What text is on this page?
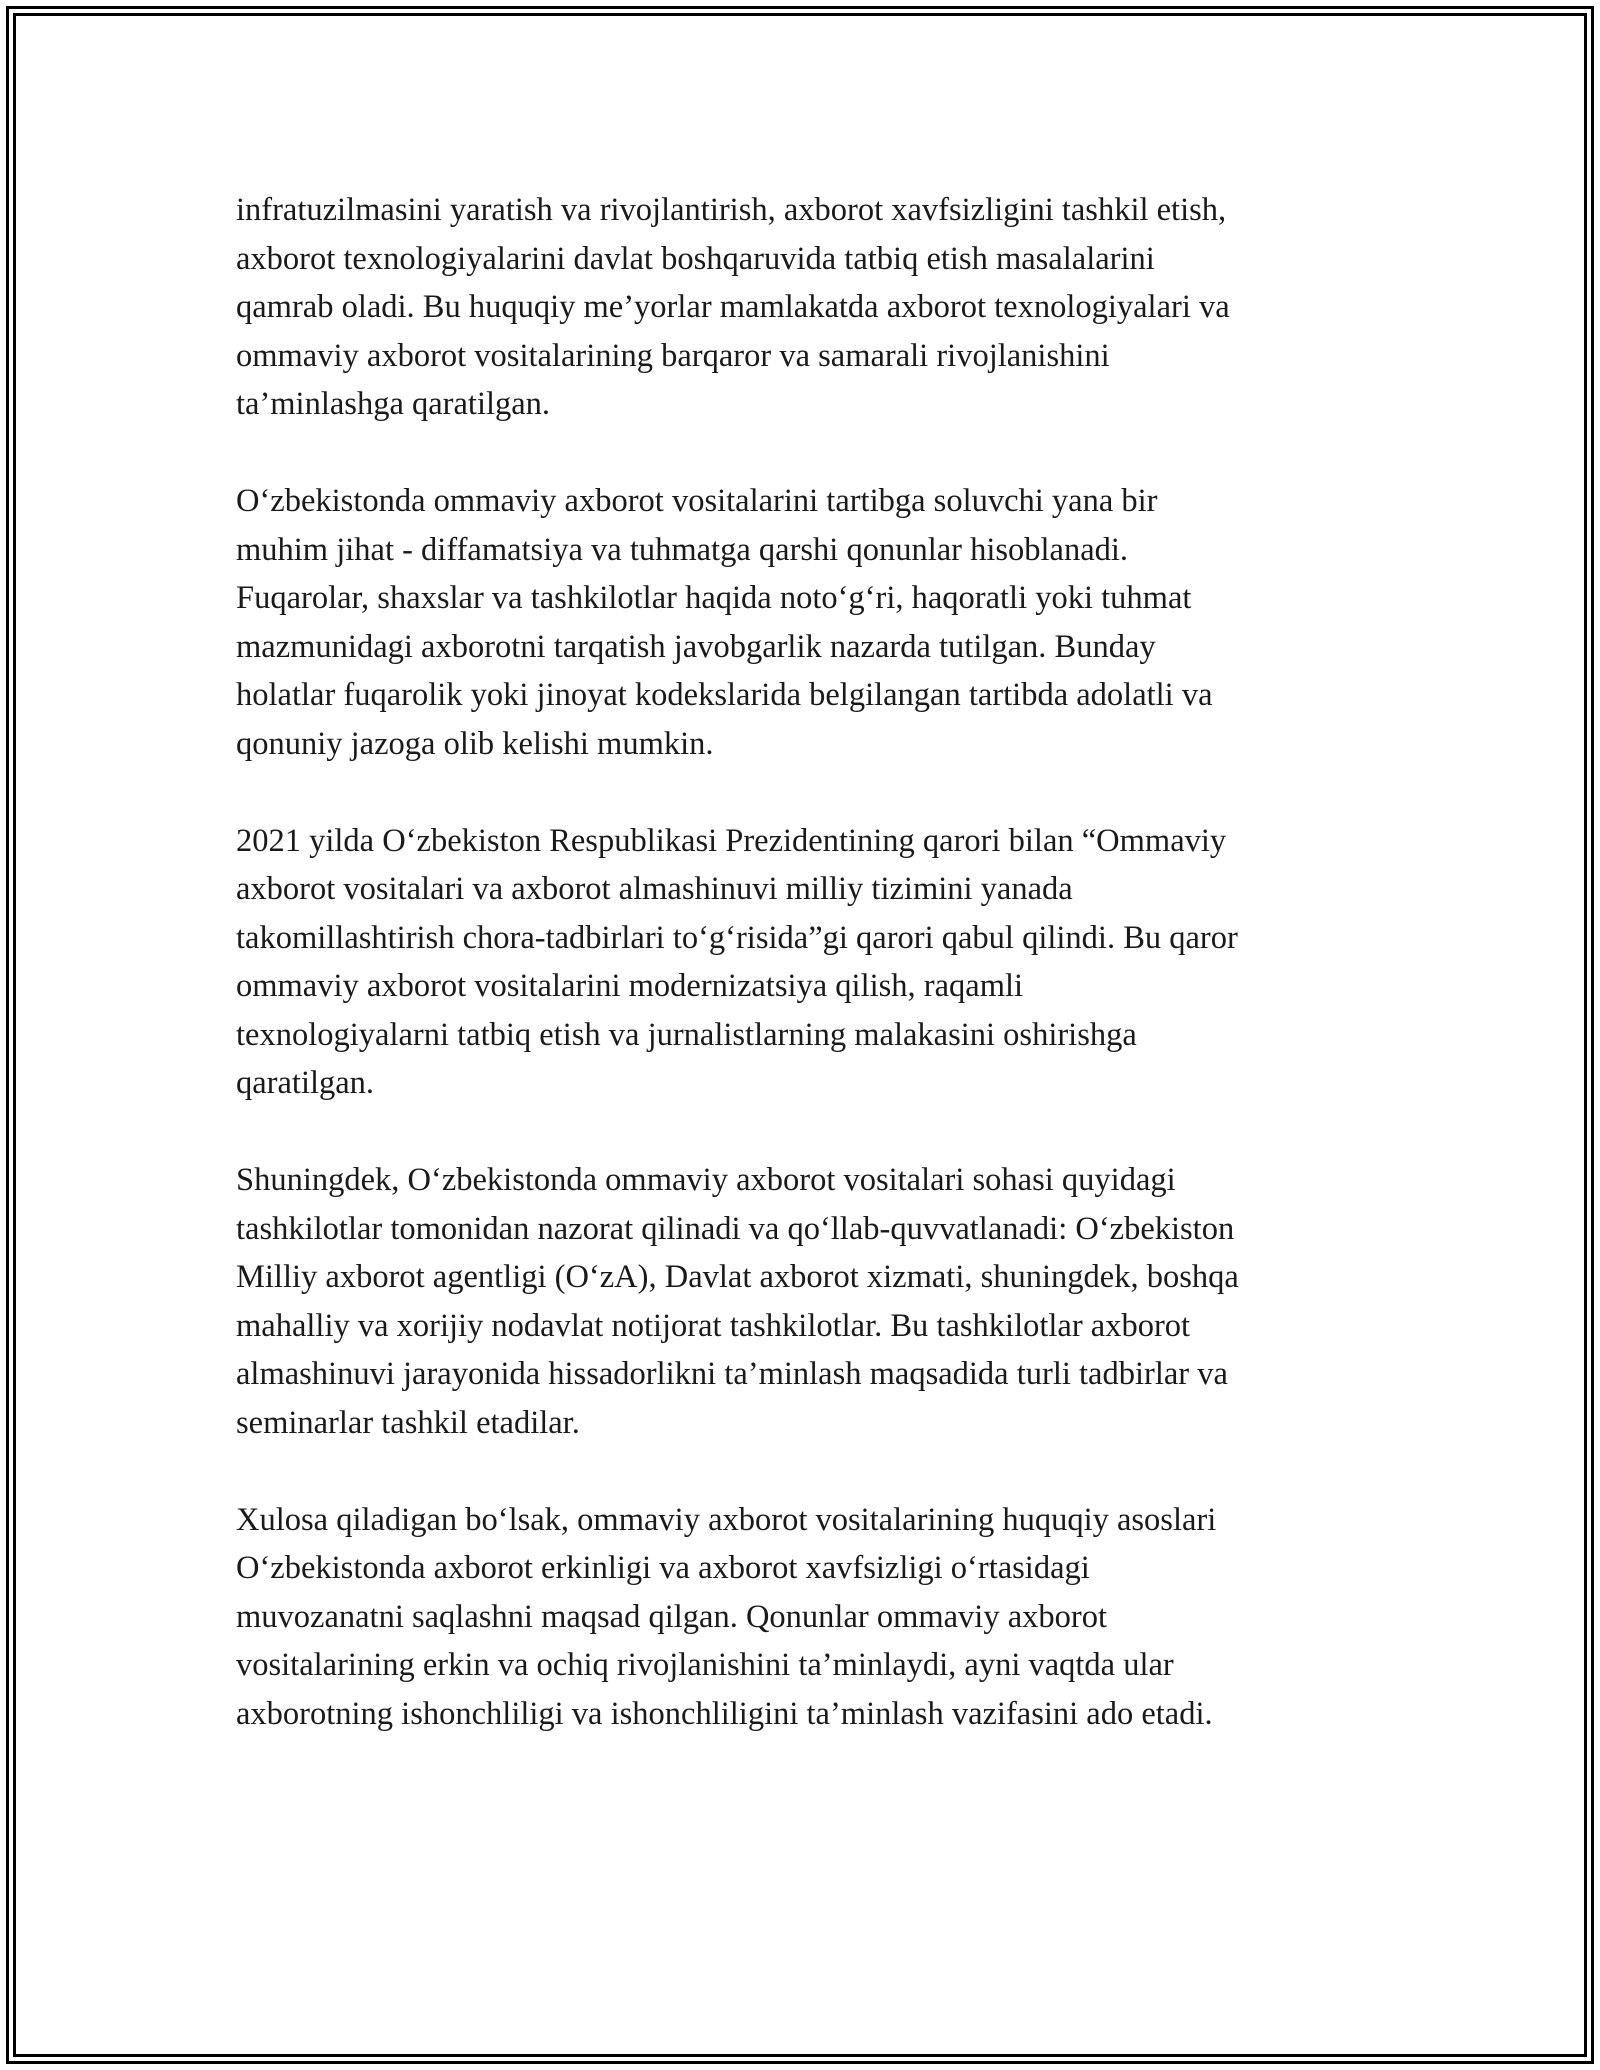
infratuzilmasini yaratish va rivojlantirish, axborot xavfsizligini tashkil etish,
axborot texnologiyalarini davlat boshqaruvida tatbiq etish masalalarini
qamrab oladi. Bu huquqiy me’yorlar mamlakatda axborot texnologiyalari va
ommaviy axborot vositalarining barqaror va samarali rivojlanishini
ta’minlashga qaratilgan.
O‘zbekistonda ommaviy axborot vositalarini tartibga soluvchi yana bir
muhim jihat - diffamatsiya va tuhmatga qarshi qonunlar hisoblanadi.
Fuqarolar, shaxslar va tashkilotlar haqida noto‘g‘ri, haqoratli yoki tuhmat
mazmunidagi axborotni tarqatish javobgarlik nazarda tutilgan. Bunday
holatlar fuqarolik yoki jinoyat kodekslarida belgilangan tartibda adolatli va
qonuniy jazoga olib kelishi mumkin.
2021 yilda O‘zbekiston Respublikasi Prezidentining qarori bilan “Ommaviy
axborot vositalari va axborot almashinuvi milliy tizimini yanada
takomillashtirish chora-tadbirlari to‘g‘risida”gi qarori qabul qilindi. Bu qaror
ommaviy axborot vositalarini modernizatsiya qilish, raqamli
texnologiyalarni tatbiq etish va jurnalistlarning malakasini oshirishga
qaratilgan.
Shuningdek, O‘zbekistonda ommaviy axborot vositalari sohasi quyidagi
tashkilotlar tomonidan nazorat qilinadi va qo‘llab-quvvatlanadi: O‘zbekiston
Milliy axborot agentligi (O‘zA), Davlat axborot xizmati, shuningdek, boshqa
mahalliy va xorijiy nodavlat notijorat tashkilotlar. Bu tashkilotlar axborot
almashinuvi jarayonida hissadorlikni ta’minlash maqsadida turli tadbirlar va
seminarlar tashkil etadilar.
Xulosa qiladigan bo‘lsak, ommaviy axborot vositalarining huquqiy asoslari
O‘zbekistonda axborot erkinligi va axborot xavfsizligi o‘rtasidagi
muvozanatni saqlashni maqsad qilgan. Qonunlar ommaviy axborot
vositalarining erkin va ochiq rivojlanishini ta’minlaydi, ayni vaqtda ular
axborotning ishonchliligi va ishonchliligini ta’minlash vazifasini ado etadi.
